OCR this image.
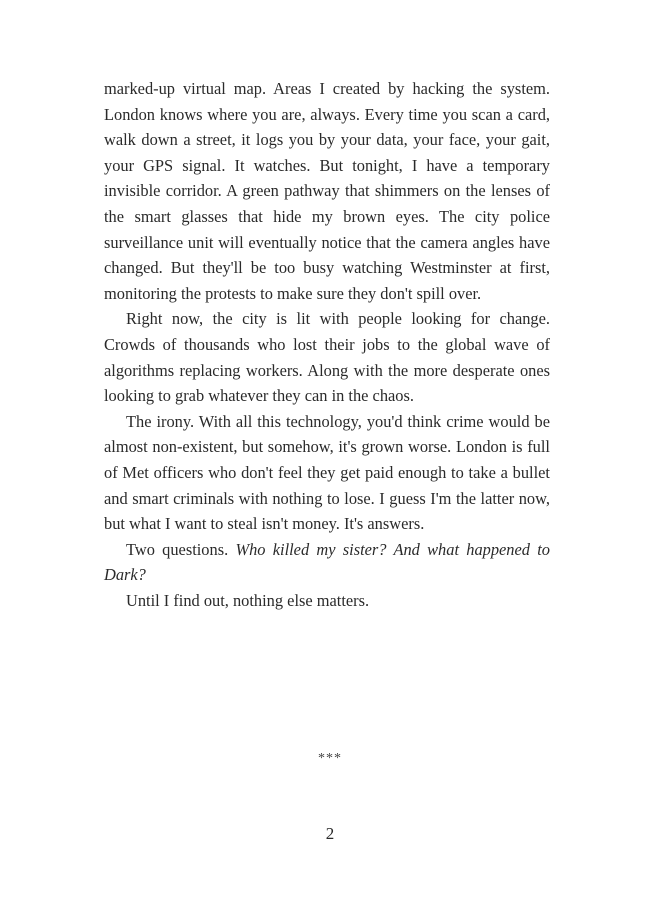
marked-up virtual map. Areas I created by hacking the system. London knows where you are, always. Every time you scan a card, walk down a street, it logs you by your data, your face, your gait, your GPS signal. It watches. But tonight, I have a temporary invisible corridor. A green pathway that shimmers on the lenses of the smart glasses that hide my brown eyes. The city police surveillance unit will eventually notice that the camera angles have changed. But they'll be too busy watching Westminster at first, monitoring the protests to make sure they don't spill over.

Right now, the city is lit with people looking for change. Crowds of thousands who lost their jobs to the global wave of algorithms replacing workers. Along with the more desperate ones looking to grab whatever they can in the chaos.

The irony. With all this technology, you'd think crime would be almost non-existent, but somehow, it's grown worse. London is full of Met officers who don't feel they get paid enough to take a bullet and smart criminals with nothing to lose. I guess I'm the latter now, but what I want to steal isn't money. It's answers.

Two questions. Who killed my sister? And what happened to Dark?

Until I find out, nothing else matters.

***
2
